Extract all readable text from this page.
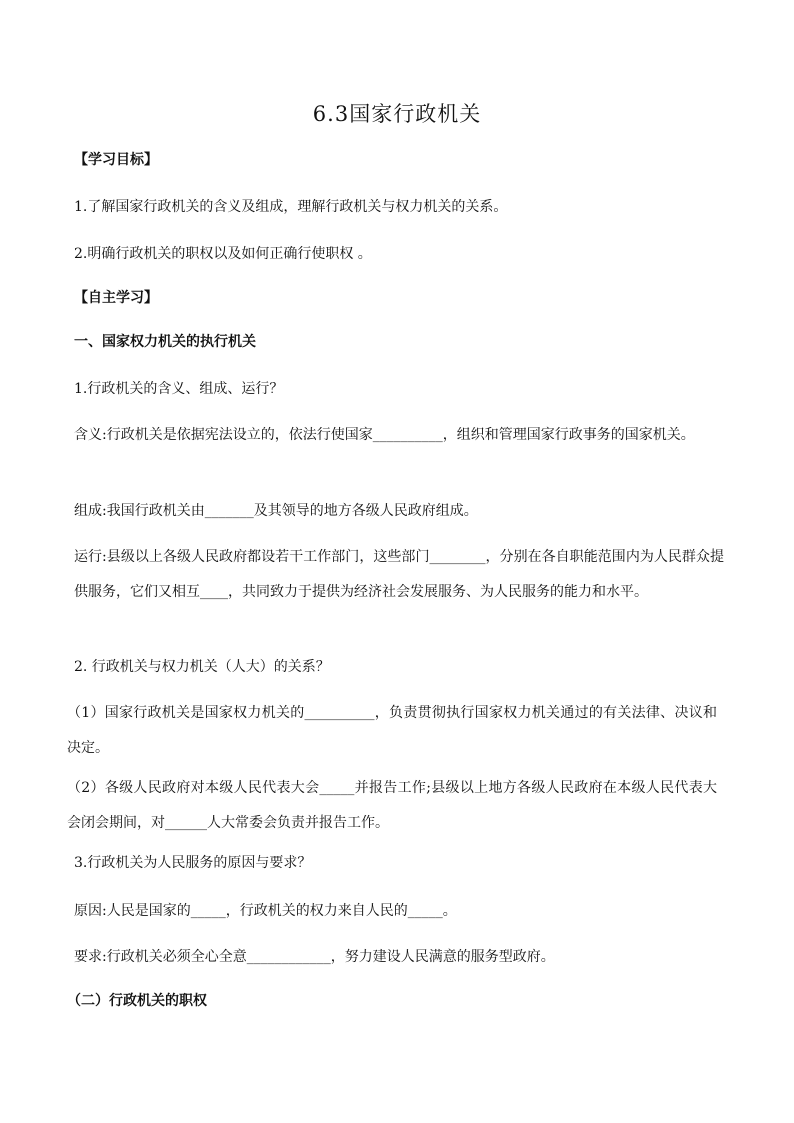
6.3国家行政机关
【学习目标】
1.了解国家行政机关的含义及组成，理解行政机关与权力机关的关系。
2.明确行政机关的职权以及如何正确行使职权 。
【自主学习】
一、国家权力机关的执行机关
1.行政机关的含义、组成、运行？
含义:行政机关是依据宪法设立的，依法行使国家__________，组织和管理国家行政事务的国家机关。
组成:我国行政机关由_______及其领导的地方各级人民政府组成。
运行:县级以上各级人民政府都设若干工作部门，这些部门________，分别在各自职能范围内为人民群众提供服务，它们又相互____，共同致力于提供为经济社会发展服务、为人民服务的能力和水平。
2. 行政机关与权力机关（人大）的关系？
（1）国家行政机关是国家权力机关的__________，负责贯彻执行国家权力机关通过的有关法律、决议和决定。
（2）各级人民政府对本级人民代表大会_____并报告工作;县级以上地方各级人民政府在本级人民代表大会闭会期间，对______人大常委会负责并报告工作。
3.行政机关为人民服务的原因与要求？
原因:人民是国家的_____，行政机关的权力来自人民的_____。
要求:行政机关必须全心全意____________，努力建设人民满意的服务型政府。
（二）行政机关的职权
